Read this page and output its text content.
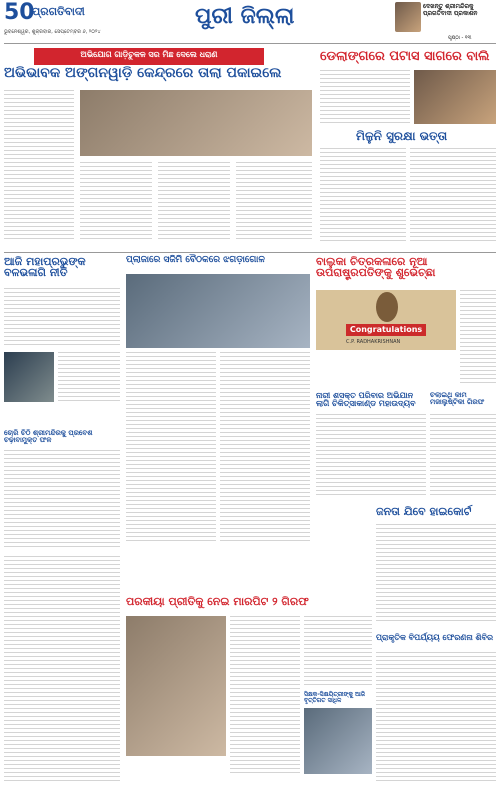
50
ପ୍ରଗତିବାଦୀ
ଭୁବନେଶ୍ୱର, ଶୁକ୍ରବାର, ସେପ୍ଟେମ୍ବର ୬, ୨୦୨୪
ପୁରୀ ଜିଲ୍ଲା	ଦେଖନ୍ତୁ ଶ୍ରୀମନ୍ଦିରକୁ ପ୍ରଗତିବାଦୀ ପ୍ରକାଶନ
ପୃଷ୍ଠା - ୧୩
ଅଭିଯୋଗ ଗାଡ଼ିଚୁକଳ ସର ମିଛ ଦେଲେ ଧରାଣ
ଅଭିଭାବକ ଅଙ୍ଗନୱାଡ଼ି କେନ୍ଦ୍ରରେ ତାଲା ପକାଇଲେ
ଡେଲାଙ୍ଗରେ ପଟାସ ସାଗରେ ବାଲି
ମିଳୁନି ସୁରକ୍ଷା ଭତ୍ତା
ଆଜି ମହାପ୍ରଭୁଙ୍କ ବଳଭଳାଗି ନୀତି
ଚୋରି ଚିଠି ଶ୍ରୀମନ୍ଦିରକୁ ପ୍ରବେଶ ଚଢ଼ାବାମୁକ୍ତ ଫଳ
ପ୍ଲାଜାରେ ସଜିମି ବୈଠକରେ ଝଗଡ଼ାଗୋଳ	ବାଲୁକା ଚିତ୍ରକଳାରେ ନୂଆ ଉପରାଷ୍ଟ୍ରପତିଙ୍କୁ ଶୁଭେଚ୍ଛା
Congratulations
C.P. RADHAKRISHNAN
ନାରୀ ଶସକ୍ତ ପରିବାର ଅଭିଯାନ ଲାଗି ଚିକିତ୍ସାକାଣ୍ଡ ମହାଉଦ୍ୟବ
ଚଲାଇଥି କାମ ମଜାଲୁଷ୍ଟିକା ଗିରଫ
ଜନତା ଯିବେ ହାଇକୋର୍ଟ
ପରକୀୟା ପ୍ରୀତିକୁ ନେଇ ମାରପିଟ ୨ ଗିରଫ
ସିକ୍ଷକ-ସିକ୍ଷୟିତ୍ରୀଙ୍କୁ ଆଜି ବୃତ୍ତିଗତ ସାଧିଳ
ପ୍ରାକୃତିକ ବିପର୍ଯ୍ୟୟ ଫେରଣନା ଶିବିର
